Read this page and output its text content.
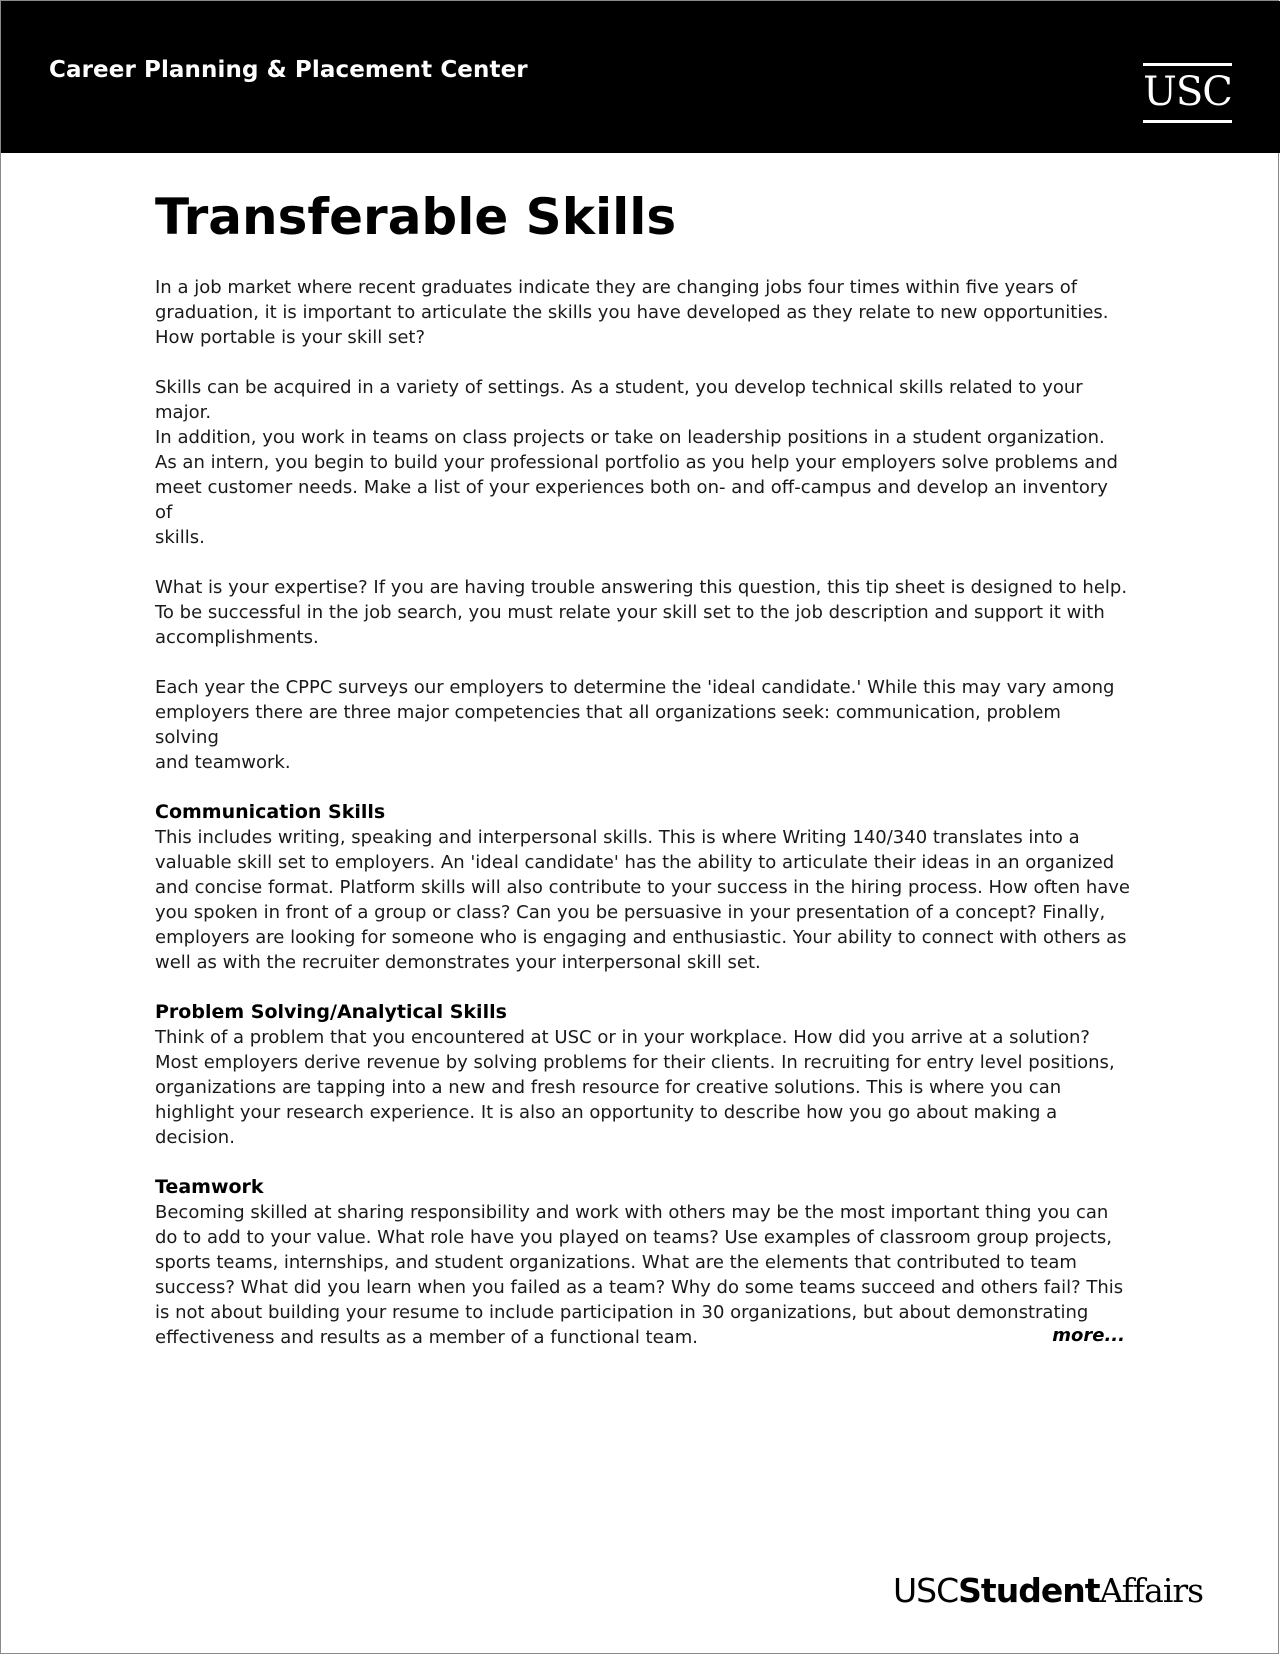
Career Planning & Placement Center	USC
Transferable Skills

In a job market where recent graduates indicate they are changing jobs four times within five years of
graduation, it is important to articulate the skills you have developed as they relate to new opportunities.
How portable is your skill set?

Skills can be acquired in a variety of settings. As a student, you develop technical skills related to your major.
In addition, you work in teams on class projects or take on leadership positions in a student organization.
As an intern, you begin to build your professional portfolio as you help your employers solve problems and
meet customer needs. Make a list of your experiences both on- and off-campus and develop an inventory of
skills.

What is your expertise? If you are having trouble answering this question, this tip sheet is designed to help.
To be successful in the job search, you must relate your skill set to the job description and support it with
accomplishments.

Each year the CPPC surveys our employers to determine the 'ideal candidate.' While this may vary among
employers there are three major competencies that all organizations seek: communication, problem solving
and teamwork.

Communication Skills

This includes writing, speaking and interpersonal skills. This is where Writing 140/340 translates into a
valuable skill set to employers. An 'ideal candidate' has the ability to articulate their ideas in an organized
and concise format. Platform skills will also contribute to your success in the hiring process. How often have
you spoken in front of a group or class? Can you be persuasive in your presentation of a concept? Finally,
employers are looking for someone who is engaging and enthusiastic. Your ability to connect with others as
well as with the recruiter demonstrates your interpersonal skill set.

Problem Solving/Analytical Skills

Think of a problem that you encountered at USC or in your workplace. How did you arrive at a solution?
Most employers derive revenue by solving problems for their clients. In recruiting for entry level positions,
organizations are tapping into a new and fresh resource for creative solutions. This is where you can
highlight your research experience. It is also an opportunity to describe how you go about making a
decision.

Teamwork

Becoming skilled at sharing responsibility and work with others may be the most important thing you can
do to add to your value. What role have you played on teams? Use examples of classroom group projects,
sports teams, internships, and student organizations. What are the elements that contributed to team
success? What did you learn when you failed as a team? Why do some teams succeed and others fail? This
is not about building your resume to include participation in 30 organizations, but about demonstrating
effectiveness and results as a member of a functional team.	more...
USCStudentAffairs
